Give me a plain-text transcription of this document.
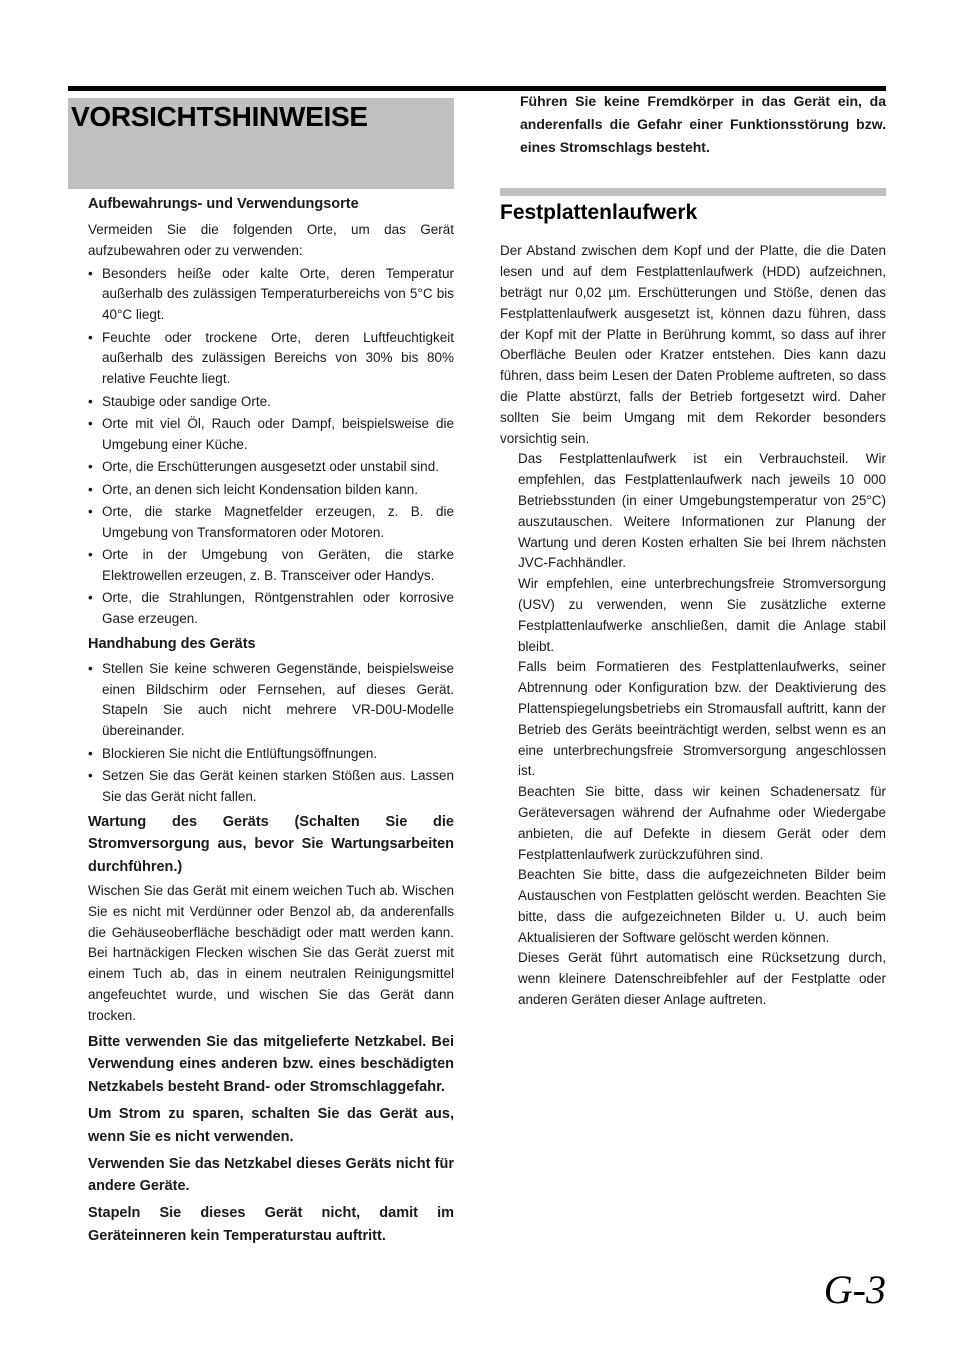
VORSICHTSHINWEISE

Aufbewahrungs- und Verwendungsorte

Vermeiden Sie die folgenden Orte, um das Gerät aufzubewahren oder zu verwenden:

• Besonders heiße oder kalte Orte, deren Temperatur außerhalb des zulässigen Temperaturbereichs von 5°C bis 40°C liegt.
• Feuchte oder trockene Orte, deren Luftfeuchtigkeit außerhalb des zulässigen Bereichs von 30% bis 80% relative Feuchte liegt.
• Staubige oder sandige Orte.
• Orte mit viel Öl, Rauch oder Dampf, beispielsweise die Umgebung einer Küche.
• Orte, die Erschütterungen ausgesetzt oder unstabil sind.
• Orte, an denen sich leicht Kondensation bilden kann.
• Orte, die starke Magnetfelder erzeugen, z. B. die Umgebung von Transformatoren oder Motoren.
• Orte in der Umgebung von Geräten, die starke Elektrowellen erzeugen, z. B. Transceiver oder Handys.
• Orte, die Strahlungen, Röntgenstrahlen oder korrosive Gase erzeugen.

Handhabung des Geräts

• Stellen Sie keine schweren Gegenstände, beispielsweise einen Bildschirm oder Fernsehen, auf dieses Gerät. Stapeln Sie auch nicht mehrere VR-D0U-Modelle übereinander.
• Blockieren Sie nicht die Entlüftungsöffnungen.
• Setzen Sie das Gerät keinen starken Stößen aus. Lassen Sie das Gerät nicht fallen.

Wartung des Geräts (Schalten Sie die Stromversorgung aus, bevor Sie Wartungsarbeiten durchführen.)

Wischen Sie das Gerät mit einem weichen Tuch ab. Wischen Sie es nicht mit Verdünner oder Benzol ab, da anderenfalls die Gehäuseoberfläche beschädigt oder matt werden kann. Bei hartnäckigen Flecken wischen Sie das Gerät zuerst mit einem Tuch ab, das in einem neutralen Reinigungsmittel angefeuchtet wurde, und wischen Sie das Gerät dann trocken.

Bitte verwenden Sie das mitgelieferte Netzkabel. Bei Verwendung eines anderen bzw. eines beschädigten Netzkabels besteht Brand- oder Stromschlaggefahr.

Um Strom zu sparen, schalten Sie das Gerät aus, wenn Sie es nicht verwenden.

Verwenden Sie das Netzkabel dieses Geräts nicht für andere Geräte.

Stapeln Sie dieses Gerät nicht, damit im Geräteinneren kein Temperaturstau auftritt.

Führen Sie keine Fremdkörper in das Gerät ein, da anderenfalls die Gefahr einer Funktionsstörung bzw. eines Stromschlags besteht.

Festplattenlaufwerk

Der Abstand zwischen dem Kopf und der Platte, die die Daten lesen und auf dem Festplattenlaufwerk (HDD) aufzeichnen, beträgt nur 0,02 µm. Erschütterungen und Stöße, denen das Festplattenlaufwerk ausgesetzt ist, können dazu führen, dass der Kopf mit der Platte in Berührung kommt, so dass auf ihrer Oberfläche Beulen oder Kratzer entstehen. Dies kann dazu führen, dass beim Lesen der Daten Probleme auftreten, so dass die Platte abstürzt, falls der Betrieb fortgesetzt wird. Daher sollten Sie beim Umgang mit dem Rekorder besonders vorsichtig sein.

Das Festplattenlaufwerk ist ein Verbrauchsteil. Wir empfehlen, das Festplattenlaufwerk nach jeweils 10 000 Betriebsstunden (in einer Umgebungstemperatur von 25°C) auszutauschen. Weitere Informationen zur Planung der Wartung und deren Kosten erhalten Sie bei Ihrem nächsten JVC-Fachhändler.
Wir empfehlen, eine unterbrechungsfreie Stromversorgung (USV) zu verwenden, wenn Sie zusätzliche externe Festplattenlaufwerke anschließen, damit die Anlage stabil bleibt.
Falls beim Formatieren des Festplattenlaufwerks, seiner Abtrennung oder Konfiguration bzw. der Deaktivierung des Plattenspiegelungsbetriebs ein Stromausfall auftritt, kann der Betrieb des Geräts beeinträchtigt werden, selbst wenn es an eine unterbrechungsfreie Stromversorgung angeschlossen ist.
Beachten Sie bitte, dass wir keinen Schadenersatz für Geräteversagen während der Aufnahme oder Wiedergabe anbieten, die auf Defekte in diesem Gerät oder dem Festplattenlaufwerk zurückzuführen sind.
Beachten Sie bitte, dass die aufgezeichneten Bilder beim Austauschen von Festplatten gelöscht werden. Beachten Sie bitte, dass die aufgezeichneten Bilder u. U. auch beim Aktualisieren der Software gelöscht werden können.
Dieses Gerät führt automatisch eine Rücksetzung durch, wenn kleinere Datenschreibfehler auf der Festplatte oder anderen Geräten dieser Anlage auftreten.
G-3
